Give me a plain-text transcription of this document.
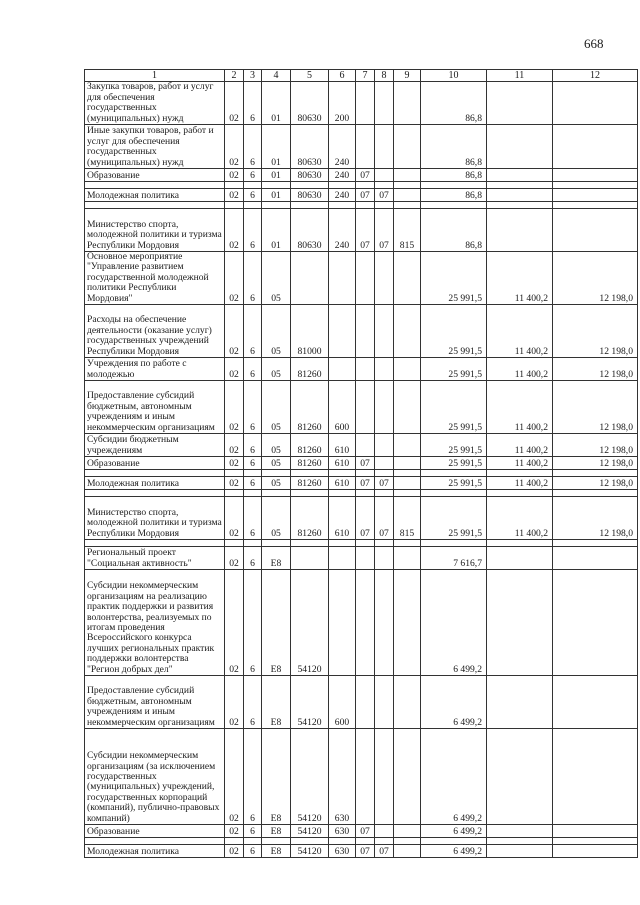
668
1	2	3	4	5	6	7	8	9	10	11	12
Закупка товаров, работ и услуг для обеспечения государственных (муниципальных) нужд	02	6	01	80630	200				86,8		
Иные закупки товаров, работ и услуг для обеспечения государственных (муниципальных) нужд	02	6	01	80630	240				86,8		
Образование	02	6	01	80630	240	07			86,8		

Молодежная политика	02	6	01	80630	240	07	07		86,8		

Министерство спорта, молодежной политики и туризма Республики Мордовия	02	6	01	80630	240	07	07	815	86,8		
Основное мероприятие "Управление развитием государственной молодежной политики Республики Мордовия"	02	6	05						25 991,5	11 400,2	12 198,0
Расходы на обеспечение деятельности (оказание услуг) государственных учреждений Республики Мордовия	02	6	05	81000					25 991,5	11 400,2	12 198,0
Учреждения по работе с молодежью	02	6	05	81260					25 991,5	11 400,2	12 198,0
Предоставление субсидий бюджетным, автономным учреждениям и иным некоммерческим организациям	02	6	05	81260	600				25 991,5	11 400,2	12 198,0
Субсидии бюджетным учреждениям	02	6	05	81260	610				25 991,5	11 400,2	12 198,0
Образование	02	6	05	81260	610	07			25 991,5	11 400,2	12 198,0

Молодежная политика	02	6	05	81260	610	07	07		25 991,5	11 400,2	12 198,0

Министерство спорта, молодежной политики и туризма Республики Мордовия	02	6	05	81260	610	07	07	815	25 991,5	11 400,2	12 198,0

Региональный проект "Социальная активность"	02	6	E8						7 616,7		
Субсидии некоммерческим организациям на реализацию практик поддержки и развития волонтерства, реализуемых по итогам проведения Всероссийского конкурса лучших региональных практик поддержки волонтерства "Регион добрых дел"	02	6	E8	54120					6 499,2		
Предоставление субсидий бюджетным, автономным учреждениям и иным некоммерческим организациям	02	6	E8	54120	600				6 499,2		
Субсидии некоммерческим организациям (за исключением государственных (муниципальных) учреждений, государственных корпораций (компаний), публично-правовых компаний)	02	6	E8	54120	630				6 499,2		
Образование	02	6	E8	54120	630	07			6 499,2		

Молодежная политика	02	6	E8	54120	630	07	07		6 499,2		
